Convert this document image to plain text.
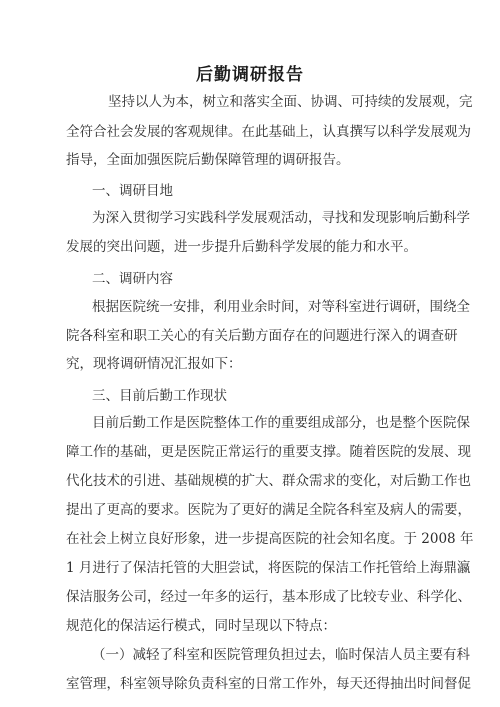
后勤调研报告
坚持以人为本，树立和落实全面、协调、可持续的发展观，完
全符合社会发展的客观规律。在此基础上，认真撰写以科学发展观为
指导，全面加强医院后勤保障管理的调研报告。
一、调研目地
为深入贯彻学习实践科学发展观活动，寻找和发现影响后勤科学
发展的突出问题，进一步提升后勤科学发展的能力和水平。
二、调研内容
根据医院统一安排，利用业余时间，对等科室进行调研，围绕全
院各科室和职工关心的有关后勤方面存在的问题进行深入的调查研
究，现将调研情况汇报如下：
三、目前后勤工作现状
目前后勤工作是医院整体工作的重要组成部分，也是整个医院保
障工作的基础，更是医院正常运行的重要支撑。随着医院的发展、现
代化技术的引进、基础规模的扩大、群众需求的变化，对后勤工作也
提出了更高的要求。医院为了更好的满足全院各科室及病人的需要，
在社会上树立良好形象，进一步提高医院的社会知名度。于 2008 年
1 月进行了保洁托管的大胆尝试，将医院的保洁工作托管给上海鼎瀛
保洁服务公司，经过一年多的运行，基本形成了比较专业、科学化、
规范化的保洁运行模式，同时呈现以下特点：
（一）减轻了科室和医院管理负担过去，临时保洁人员主要有科
室管理，科室领导除负责科室的日常工作外，每天还得抽出时间督促
